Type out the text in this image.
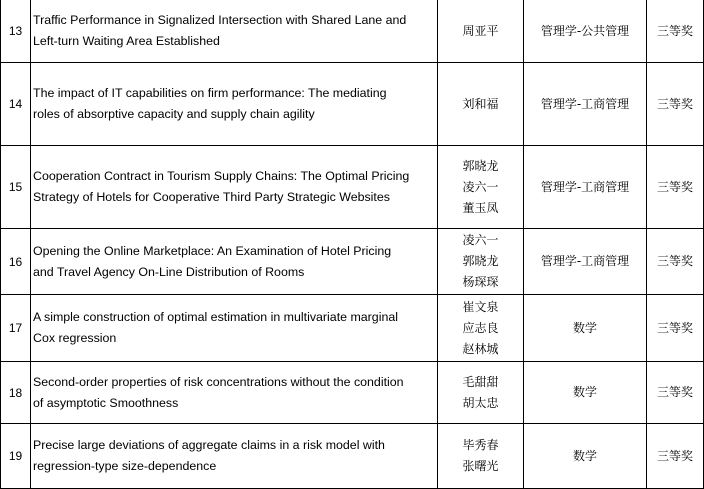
13	Traffic Performance in Signalized Intersection with Shared Lane and
Left-turn Waiting Area Established	周亚平	管理学-公共管理	三等奖
14	The impact of IT capabilities on firm performance: The mediating
roles of absorptive capacity and supply chain agility	刘和福	管理学-工商管理	三等奖
15	Cooperation Contract in Tourism Supply Chains: The Optimal Pricing
Strategy of Hotels for Cooperative Third Party Strategic Websites	郭晓龙
凌六一
董玉凤	管理学-工商管理	三等奖
16	Opening the Online Marketplace: An Examination of Hotel Pricing
and Travel Agency On-Line Distribution of Rooms	凌六一
郭晓龙
杨琛琛	管理学-工商管理	三等奖
17	A simple construction of optimal estimation in multivariate marginal
Cox regression	崔文泉
应志良
赵林城	数学	三等奖
18	Second-order properties of risk concentrations without the condition
of asymptotic Smoothness	毛甜甜
胡太忠	数学	三等奖
19	Precise large deviations of aggregate claims in a risk model with
regression-type size-dependence	毕秀春
张曙光	数学	三等奖
